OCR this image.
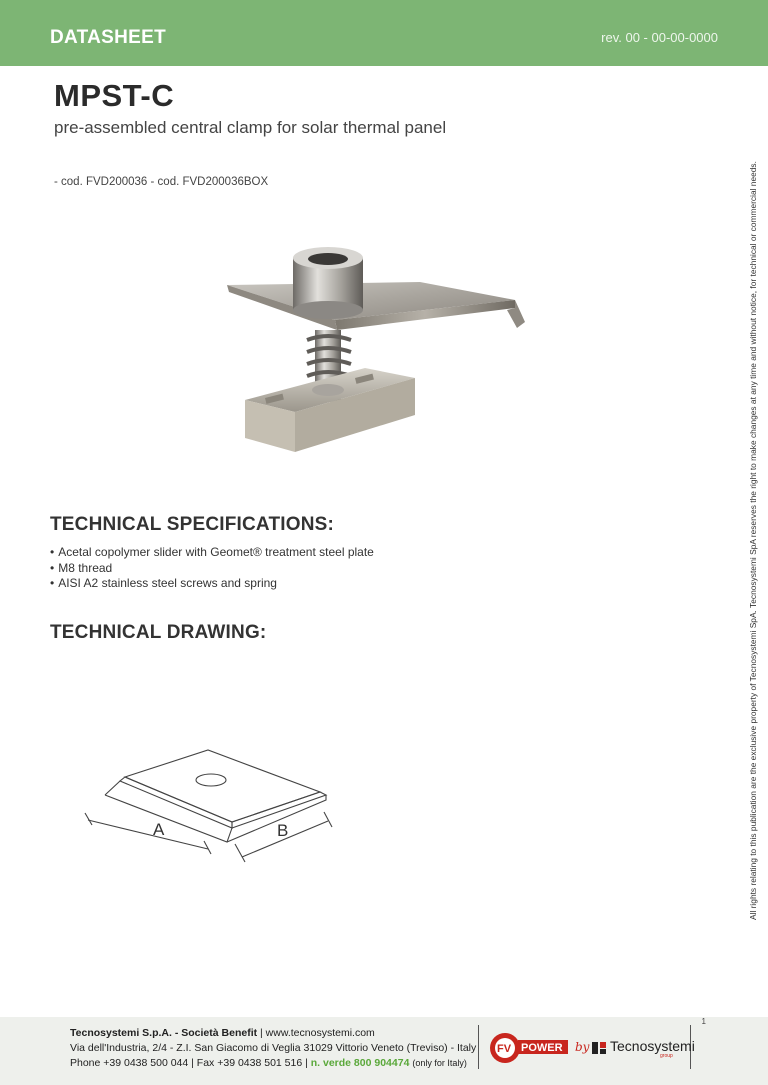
DATASHEET	rev. 00 - 00-00-0000
MPST-C
pre-assembled central clamp for solar thermal panel
- cod. FVD200036 - cod. FVD200036BOX
TECHNICAL SPECIFICATIONS:
• Acetal copolymer slider with Geomet® treatment steel plate
• M8 thread
• AISI A2 stainless steel screws and spring
TECHNICAL DRAWING:
A	B	All rights relating to this publication are the exclusive property of Tecnosystemi SpA. Tecnosystemi SpA reserves the right to make changes at any time and without notice, for technical or commercial needs.
1
Tecnosystemi S.p.A. - Società Benefit | www.tecnosystemi.com
Via dell'Industria, 2/4 - Z.I. San Giacomo di Veglia 31029 Vittorio Veneto (Treviso) - Italy
Phone +39 0438 500 044 | Fax +39 0438 501 516 | n. verde 800 904474 (only for Italy)
FV POWER by Tecnosystemi
group
